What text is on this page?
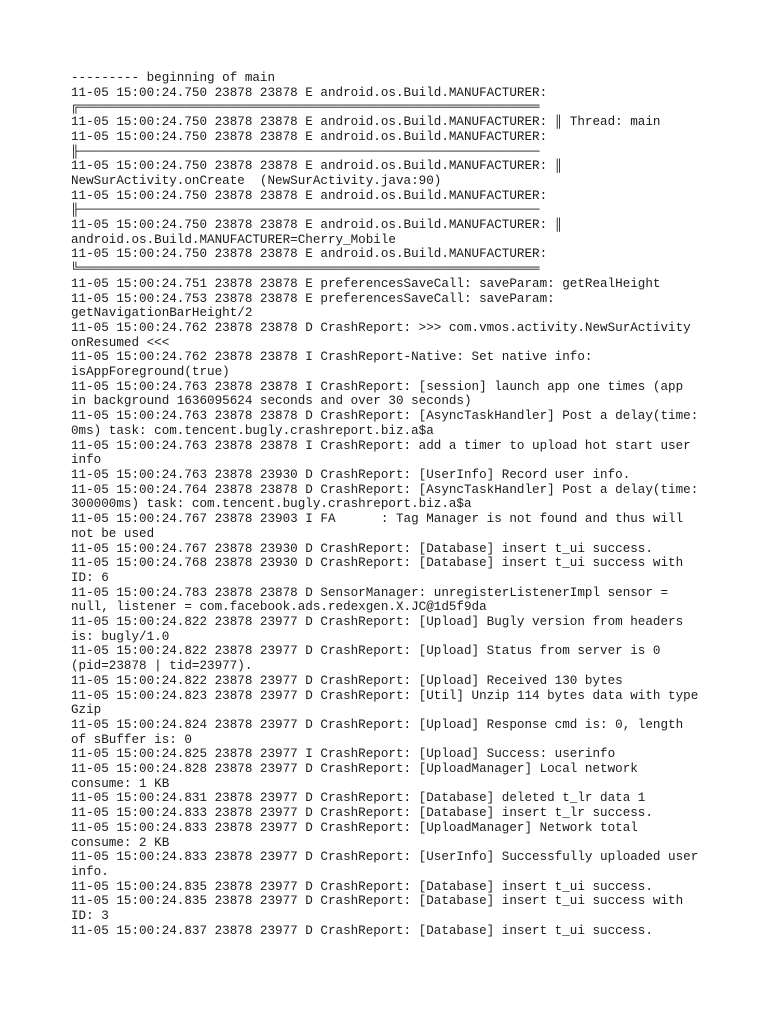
--------- beginning of main
11-05 15:00:24.750 23878 23878 E android.os.Build.MANUFACTURER:
╔═════════════════════════════════════════════════════════════
11-05 15:00:24.750 23878 23878 E android.os.Build.MANUFACTURER: ║ Thread: main
11-05 15:00:24.750 23878 23878 E android.os.Build.MANUFACTURER:
╟─────────────────────────────────────────────────────────────
11-05 15:00:24.750 23878 23878 E android.os.Build.MANUFACTURER: ║
NewSurActivity.onCreate  (NewSurActivity.java:90)
11-05 15:00:24.750 23878 23878 E android.os.Build.MANUFACTURER:
╟─────────────────────────────────────────────────────────────
11-05 15:00:24.750 23878 23878 E android.os.Build.MANUFACTURER: ║
android.os.Build.MANUFACTURER=Cherry_Mobile
11-05 15:00:24.750 23878 23878 E android.os.Build.MANUFACTURER:
╚═════════════════════════════════════════════════════════════
11-05 15:00:24.751 23878 23878 E preferencesSaveCall: saveParam: getRealHeight
11-05 15:00:24.753 23878 23878 E preferencesSaveCall: saveParam:
getNavigationBarHeight/2
11-05 15:00:24.762 23878 23878 D CrashReport: >>> com.vmos.activity.NewSurActivity
onResumed <<<
11-05 15:00:24.762 23878 23878 I CrashReport-Native: Set native info:
isAppForeground(true)
11-05 15:00:24.763 23878 23878 I CrashReport: [session] launch app one times (app
in background 1636095624 seconds and over 30 seconds)
11-05 15:00:24.763 23878 23878 D CrashReport: [AsyncTaskHandler] Post a delay(time:
0ms) task: com.tencent.bugly.crashreport.biz.a$a
11-05 15:00:24.763 23878 23878 I CrashReport: add a timer to upload hot start user
info
11-05 15:00:24.763 23878 23930 D CrashReport: [UserInfo] Record user info.
11-05 15:00:24.764 23878 23878 D CrashReport: [AsyncTaskHandler] Post a delay(time:
300000ms) task: com.tencent.bugly.crashreport.biz.a$a
11-05 15:00:24.767 23878 23903 I FA      : Tag Manager is not found and thus will
not be used
11-05 15:00:24.767 23878 23930 D CrashReport: [Database] insert t_ui success.
11-05 15:00:24.768 23878 23930 D CrashReport: [Database] insert t_ui success with
ID: 6
11-05 15:00:24.783 23878 23878 D SensorManager: unregisterListenerImpl sensor =
null, listener = com.facebook.ads.redexgen.X.JC@1d5f9da
11-05 15:00:24.822 23878 23977 D CrashReport: [Upload] Bugly version from headers
is: bugly/1.0
11-05 15:00:24.822 23878 23977 D CrashReport: [Upload] Status from server is 0
(pid=23878 | tid=23977).
11-05 15:00:24.822 23878 23977 D CrashReport: [Upload] Received 130 bytes
11-05 15:00:24.823 23878 23977 D CrashReport: [Util] Unzip 114 bytes data with type
Gzip
11-05 15:00:24.824 23878 23977 D CrashReport: [Upload] Response cmd is: 0, length
of sBuffer is: 0
11-05 15:00:24.825 23878 23977 I CrashReport: [Upload] Success: userinfo
11-05 15:00:24.828 23878 23977 D CrashReport: [UploadManager] Local network
consume: 1 KB
11-05 15:00:24.831 23878 23977 D CrashReport: [Database] deleted t_lr data 1
11-05 15:00:24.833 23878 23977 D CrashReport: [Database] insert t_lr success.
11-05 15:00:24.833 23878 23977 D CrashReport: [UploadManager] Network total
consume: 2 KB
11-05 15:00:24.833 23878 23977 D CrashReport: [UserInfo] Successfully uploaded user
info.
11-05 15:00:24.835 23878 23977 D CrashReport: [Database] insert t_ui success.
11-05 15:00:24.835 23878 23977 D CrashReport: [Database] insert t_ui success with
ID: 3
11-05 15:00:24.837 23878 23977 D CrashReport: [Database] insert t_ui success.
